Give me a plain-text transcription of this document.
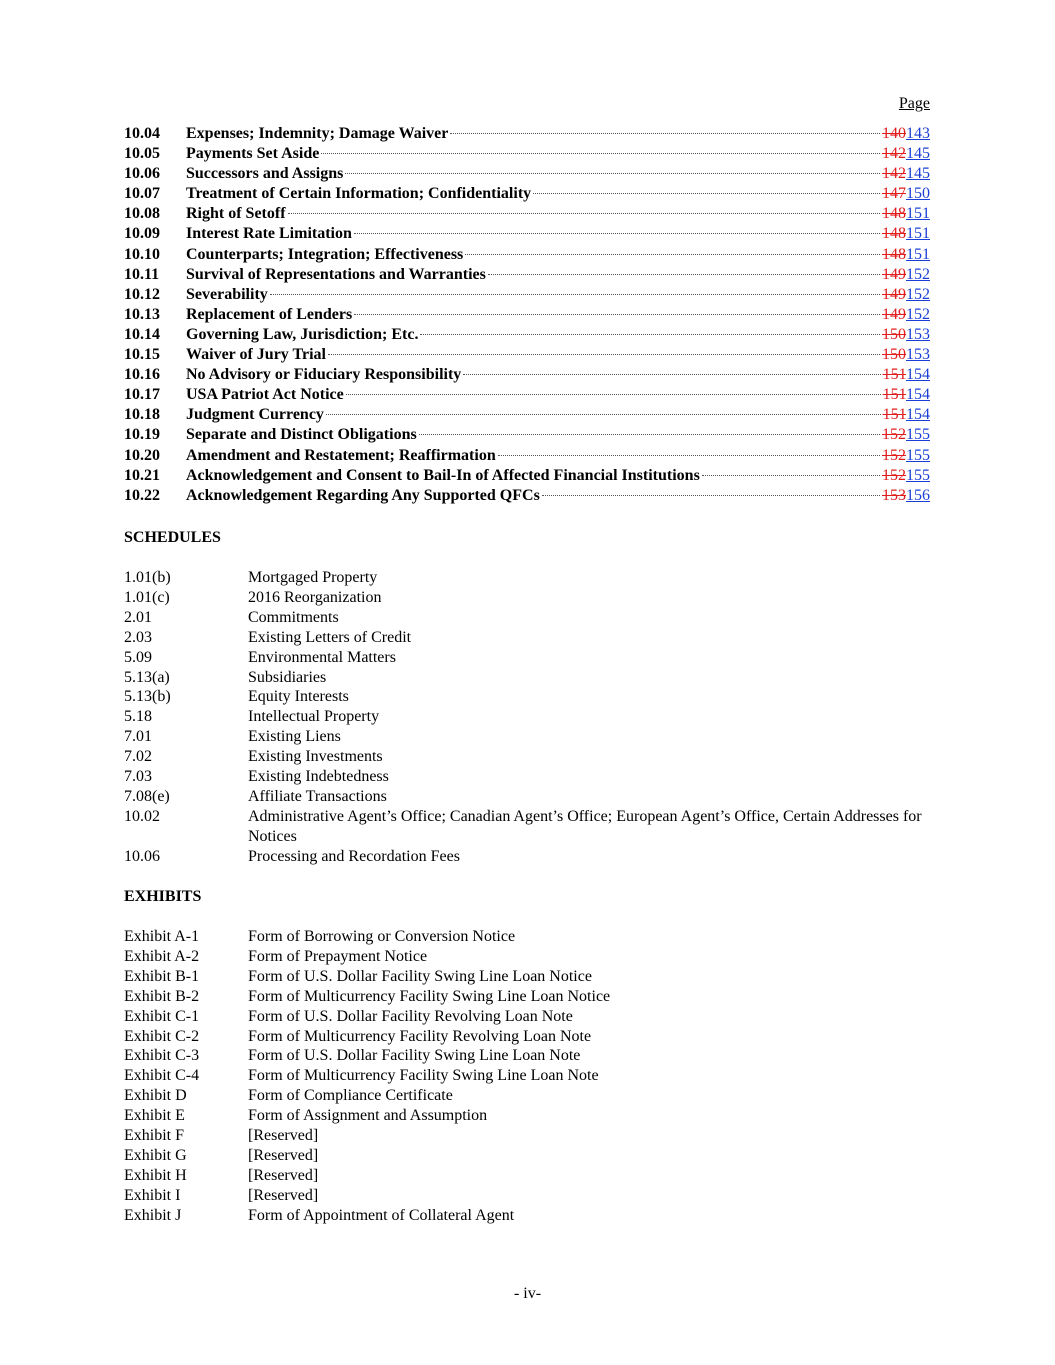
Page
10.04	Expenses; Indemnity; Damage Waiver	140143
10.05	Payments Set Aside	142145
10.06	Successors and Assigns	142145
10.07	Treatment of Certain Information; Confidentiality	147150
10.08	Right of Setoff	148151
10.09	Interest Rate Limitation	148151
10.10	Counterparts; Integration; Effectiveness	148151
10.11	Survival of Representations and Warranties	149152
10.12	Severability	149152
10.13	Replacement of Lenders	149152
10.14	Governing Law, Jurisdiction; Etc.	150153
10.15	Waiver of Jury Trial	150153
10.16	No Advisory or Fiduciary Responsibility	151154
10.17	USA Patriot Act Notice	151154
10.18	Judgment Currency	151154
10.19	Separate and Distinct Obligations	152155
10.20	Amendment and Restatement; Reaffirmation	152155
10.21	Acknowledgement and Consent to Bail-In of Affected Financial Institutions	152155
10.22	Acknowledgement Regarding Any Supported QFCs	153156
SCHEDULES
1.01(b)	Mortgaged Property
1.01(c)	2016 Reorganization
2.01	Commitments
2.03	Existing Letters of Credit
5.09	Environmental Matters
5.13(a)	Subsidiaries
5.13(b)	Equity Interests
5.18	Intellectual Property
7.01	Existing Liens
7.02	Existing Investments
7.03	Existing Indebtedness
7.08(e)	Affiliate Transactions
10.02	Administrative Agent’s Office; Canadian Agent’s Office; European Agent’s Office, Certain Addresses for Notices
10.06	Processing and Recordation Fees
EXHIBITS
Exhibit A-1	Form of Borrowing or Conversion Notice
Exhibit A-2	Form of Prepayment Notice
Exhibit B-1	Form of U.S. Dollar Facility Swing Line Loan Notice
Exhibit B-2	Form of Multicurrency Facility Swing Line Loan Notice
Exhibit C-1	Form of U.S. Dollar Facility Revolving Loan Note
Exhibit C-2	Form of Multicurrency Facility Revolving Loan Note
Exhibit C-3	Form of U.S. Dollar Facility Swing Line Loan Note
Exhibit C-4	Form of Multicurrency Facility Swing Line Loan Note
Exhibit D	Form of Compliance Certificate
Exhibit E	Form of Assignment and Assumption
Exhibit F	[Reserved]
Exhibit G	[Reserved]
Exhibit H	[Reserved]
Exhibit I	[Reserved]
Exhibit J	Form of Appointment of Collateral Agent
- iv-
